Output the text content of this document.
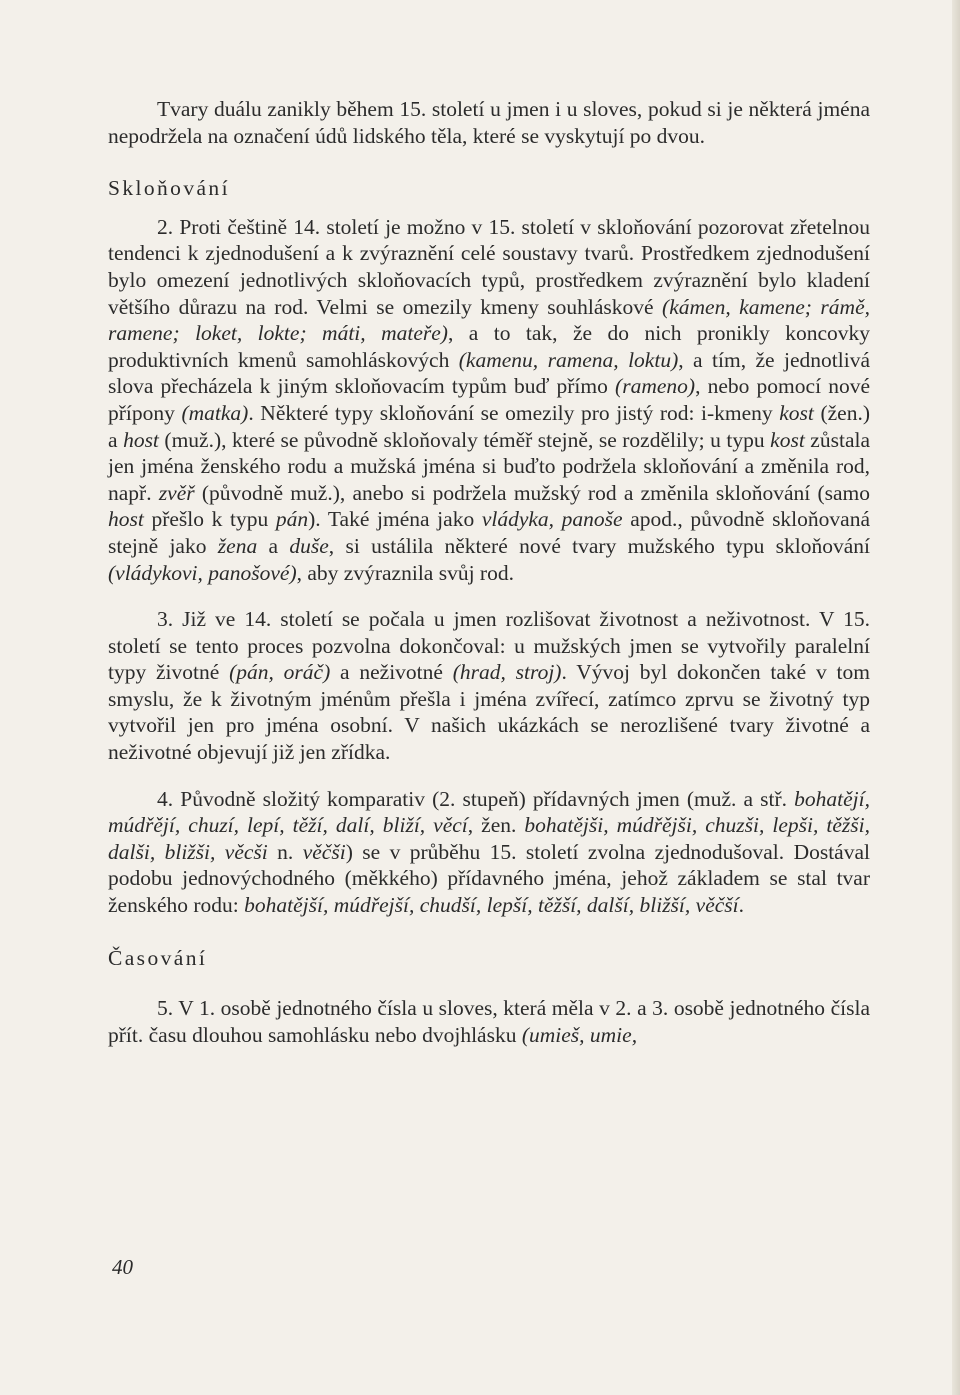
Tvary duálu zanikly během 15. století u jmen i u sloves, pokud si je některá jména nepodržela na označení údů lidského těla, které se vyskytují po dvou.

Skloňování

2. Proti češtině 14. století je možno v 15. století v skloňování pozorovat zřetelnou tendenci k zjednodušení a k zvýraznění celé soustavy tvarů. Prostředkem zjednodušení bylo omezení jednotlivých skloňovacích typů, prostředkem zvýraznění bylo kladení většího důrazu na rod. Velmi se omezily kmeny souhláskové (kámen, kamene; rámě, ramene; loket, lokte; máti, mateře), a to tak, že do nich pronikly koncovky produktivních kmenů samohláskových (kamenu, ramena, loktu), a tím, že jednotlivá slova přecházela k jiným skloňovacím typům buď přímo (rameno), nebo pomocí nové přípony (matka). Některé typy skloňování se omezily pro jistý rod: i-kmeny kost (žen.) a host (muž.), které se původně skloňovaly téměř stejně, se rozdělily; u typu kost zůstala jen jména ženského rodu a mužská jména si buďto podržela skloňování a změnila rod, např. zvěř (původně muž.), anebo si podržela mužský rod a změnila skloňování (samo host přešlo k typu pán). Také jména jako vládyka, panoše apod., původně skloňovaná stejně jako žena a duše, si ustálila některé nové tvary mužského typu skloňování (vládykovi, panošové), aby zvýraznila svůj rod.

3. Již ve 14. století se počala u jmen rozlišovat životnost a neživotnost. V 15. století se tento proces pozvolna dokončoval: u mužských jmen se vytvořily paralelní typy životné (pán, oráč) a neživotné (hrad, stroj). Vývoj byl dokončen také v tom smyslu, že k životným jménům přešla i jména zvířecí, zatímco zprvu se životný typ vytvořil jen pro jména osobní. V našich ukázkách se nerozlišené tvary životné a neživotné objevují již jen zřídka.

4. Původně složitý komparativ (2. stupeň) přídavných jmen (muž. a stř. bohatějí, múdřějí, chuzí, lepí, těží, dalí, bliží, věcí, žen. bohatějši, múdřějši, chuzši, lepši, těžši, dalši, bližši, věcši n. věčši) se v průběhu 15. století zvolna zjednodušoval. Dostával podobu jednovýchodného (měkkého) přídavného jména, jehož základem se stal tvar ženského rodu: bohatější, múdřejší, chudší, lepší, těžší, další, bližší, věčší.

Časování

5. V 1. osobě jednotného čísla u sloves, která měla v 2. a 3. osobě jednotného čísla přít. času dlouhou samohlásku nebo dvojhlásku (umieš, umie,

40
